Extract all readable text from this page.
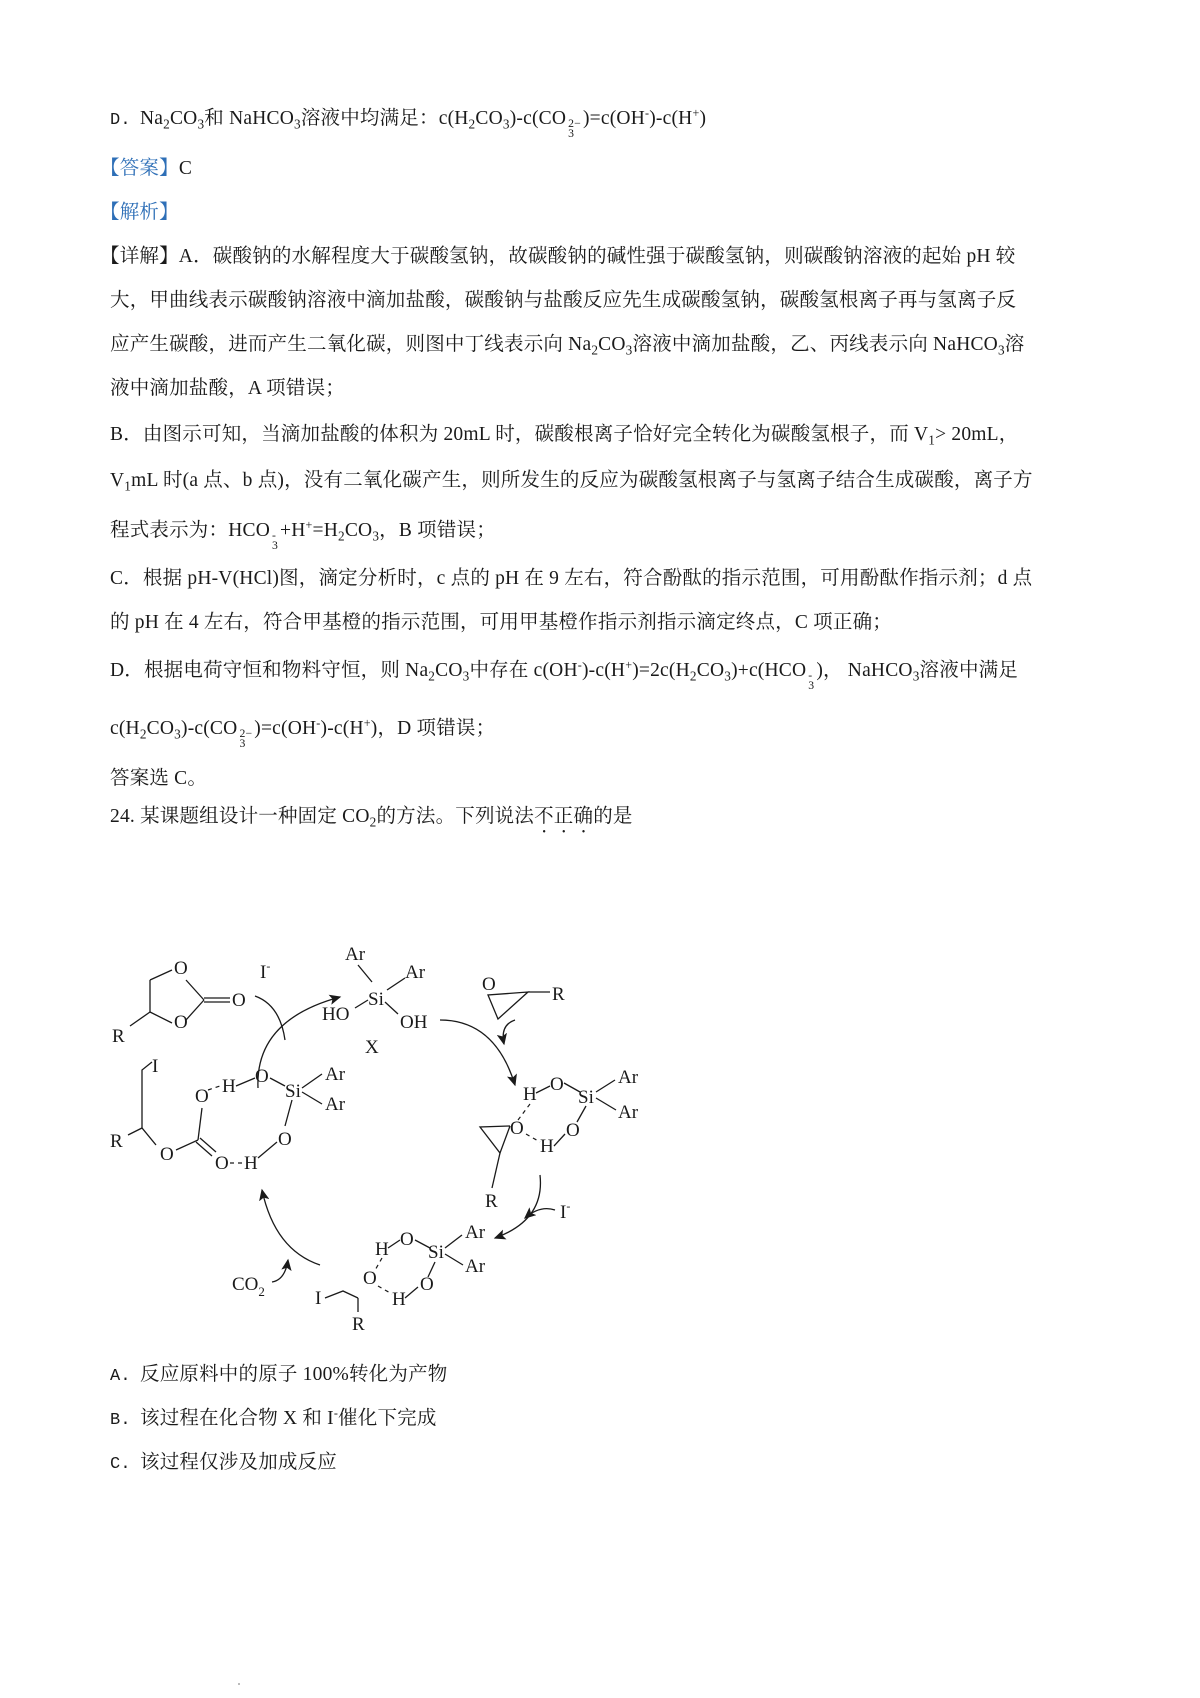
D. $Na_2CO_3$和 NaHCO$_3$溶液中均满足：$c(H_2CO_3)-c(CO$ 2−
3
)=c(OH-)-c(H+)
【答案】C
【解析】
【详解】A．碳酸钠的水解程度大于碳酸氢钠，故碳酸钠的碱性强于碳酸氢钠，则碳酸钠溶液的起始 pH 较
大，甲曲线表示碳酸钠溶液中滴加盐酸，碳酸钠与盐酸反应先生成碳酸氢钠，碳酸氢根离子再与氢离子反
应产生碳酸，进而产生二氧化碳，则图中丁线表示向 $Na_2CO_3$溶液中滴加盐酸，乙、丙线表示向 NaHCO$_3$溶
液中滴加盐酸，A 项错误；
B．由图示可知，当滴加盐酸的体积为 20mL 时，碳酸根离子恰好完全转化为碳酸氢根子，而 $V_1> 20mL$，
$V_1mL$ 时(a 点、b 点)，没有二氧化碳产生，则所发生的反应为碳酸氢根离子与氢离子结合生成碳酸，离子方
程式表示为：HCO -
3
$+H^+=H_2CO_3$，B 项错误；
C．根据 pH-V(HCl)图，滴定分析时，c 点的 pH 在 9 左右，符合酚酞的指示范围，可用酚酞作指示剂；d 点
的 pH 在 4 左右，符合甲基橙的指示范围，可用甲基橙作指示剂指示滴定终点，C 项正确；
D．根据电荷守恒和物料守恒，则 $Na_2CO_3$中存在 $c(OH^-)-c(H^+)=2c(H_2CO_3)+c(HCO$ -
3
)， NaHCO$_3$溶液中满足
$c(H_2CO_3)-c(CO$ 2−
3
)=c(OH-)-c(H+)，D 项错误；
答案选 C。
24. 某课题组设计一种固定 $CO_2$的方法。下列说法不正确的是
O
O
O
R
I-
Ar
Ar
Si
HO	OH
X
O	R
H O
Si
Ar
Ar
O O
H
R
I-
H O
Si
Ar
Ar
O O
H
I
R
$CO_2$
I
O H O
Si
Ar
Ar
R
O O H
O
A. 反应原料中的原子 100%转化为产物
B. 该过程在化合物 X 和 I-催化下完成
C. 该过程仅涉及加成反应
